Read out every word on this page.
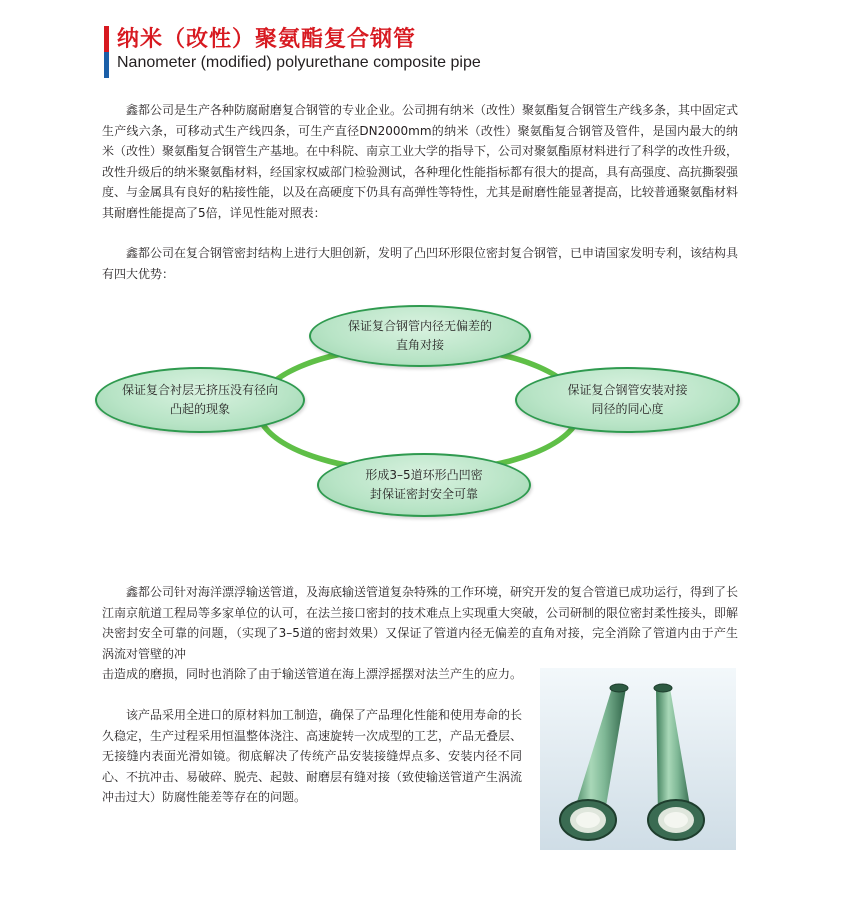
纳米（改性）聚氨酯复合钢管
Nanometer (modified) polyurethane composite pipe

鑫都公司是生产各种防腐耐磨复合钢管的专业企业。公司拥有纳米（改性）聚氨酯复合钢管生产线多条，其中固定式生产线六条，可移动式生产线四条，可生产直径DN2000mm的纳米（改性）聚氨酯复合钢管及管件，是国内最大的纳米（改性）聚氨酯复合钢管生产基地。在中科院、南京工业大学的指导下，公司对聚氨酯原材料进行了科学的改性升级，改性升级后的纳米聚氨酯材料，经国家权威部门检验测试，各种理化性能指标都有很大的提高，具有高强度、高抗撕裂强度、与金属具有良好的粘接性能，以及在高硬度下仍具有高弹性等特性，尤其是耐磨性能显著提高，比较普通聚氨酯材料其耐磨性能提高了5倍，详见性能对照表：

鑫都公司在复合钢管密封结构上进行大胆创新，发明了凸凹环形限位密封复合钢管，已申请国家发明专利，该结构具有四大优势：

保证复合钢管内径无偏差的
直角对接
保证复合衬层无挤压没有径向
凸起的现象
保证复合钢管安装对接
同径的同心度
形成3–5道环形凸凹密
封保证密封安全可靠

鑫都公司针对海洋漂浮输送管道，及海底输送管道复杂特殊的工作环境，研究开发的复合管道已成功运行，得到了长江南京航道工程局等多家单位的认可，在法兰接口密封的技术难点上实现重大突破，公司研制的限位密封柔性接头，即解决密封安全可靠的问题，（实现了3–5道的密封效果）又保证了管道内径无偏差的直角对接，完全消除了管道内由于产生涡流对管壁的冲

击造成的磨损，同时也消除了由于输送管道在海上漂浮摇摆对法兰产生的应力。

该产品采用全进口的原材料加工制造，确保了产品理化性能和使用寿命的长久稳定，生产过程采用恒温整体浇注、高速旋转一次成型的工艺，产品无叠层、无接缝内表面光滑如镜。彻底解决了传统产品安装接缝焊点多、安装内径不同心、不抗冲击、易破碎、脱壳、起鼓、耐磨层有缝对接（致使输送管道产生涡流冲击过大）防腐性能差等存在的问题。
